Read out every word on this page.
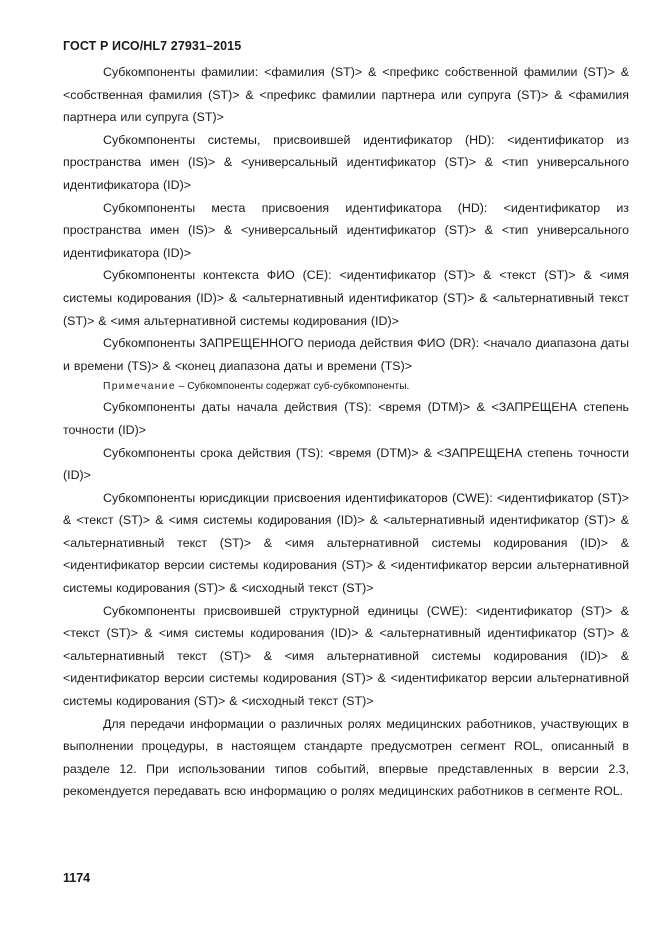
ГОСТ Р ИСО/HL7 27931–2015

Субкомпоненты фамилии: <фамилия (ST)> & <префикс собственной фамилии (ST)> & <собственная фамилия (ST)> & <префикс фамилии партнера или супруга (ST)> & <фамилия партнера или супруга (ST)>

Субкомпоненты системы, присвоившей идентификатор (HD): <идентификатор из пространства имен (IS)> & <универсальный идентификатор (ST)> & <тип универсального идентификатора (ID)>

Субкомпоненты места присвоения идентификатора (HD): <идентификатор из пространства имен (IS)> & <универсальный идентификатор (ST)> & <тип универсального идентификатора (ID)>

Субкомпоненты контекста ФИО (CE): <идентификатор (ST)> & <текст (ST)> & <имя системы кодирования (ID)> & <альтернативный идентификатор (ST)> & <альтернативный текст (ST)> & <имя альтернативной системы кодирования (ID)>

Субкомпоненты ЗАПРЕЩЕННОГО периода действия ФИО (DR): <начало диапазона даты и времени (TS)> & <конец диапазона даты и времени (TS)>

Примечание – Субкомпоненты содержат суб-субкомпоненты.

Субкомпоненты даты начала действия (TS): <время (DTM)> & <ЗАПРЕЩЕНА степень точности (ID)>

Субкомпоненты срока действия (TS): <время (DTM)> & <ЗАПРЕЩЕНА степень точности (ID)>

Субкомпоненты юрисдикции присвоения идентификаторов (CWE): <идентификатор (ST)> & <текст (ST)> & <имя системы кодирования (ID)> & <альтернативный идентификатор (ST)> & <альтернативный текст (ST)> & <имя альтернативной системы кодирования (ID)> & <идентификатор версии системы кодирования (ST)> & <идентификатор версии альтернативной системы кодирования (ST)> & <исходный текст (ST)>

Субкомпоненты присвоившей структурной единицы (CWE): <идентификатор (ST)> & <текст (ST)> & <имя системы кодирования (ID)> & <альтернативный идентификатор (ST)> & <альтернативный текст (ST)> & <имя альтернативной системы кодирования (ID)> & <идентификатор версии системы кодирования (ST)> & <идентификатор версии альтернативной системы кодирования (ST)> & <исходный текст (ST)>

Для передачи информации о различных ролях медицинских работников, участвующих в выполнении процедуры, в настоящем стандарте предусмотрен сегмент ROL, описанный в разделе 12. При использовании типов событий, впервые представленных в версии 2.3, рекомендуется передавать всю информацию о ролях медицинских работников в сегменте ROL.

1174
